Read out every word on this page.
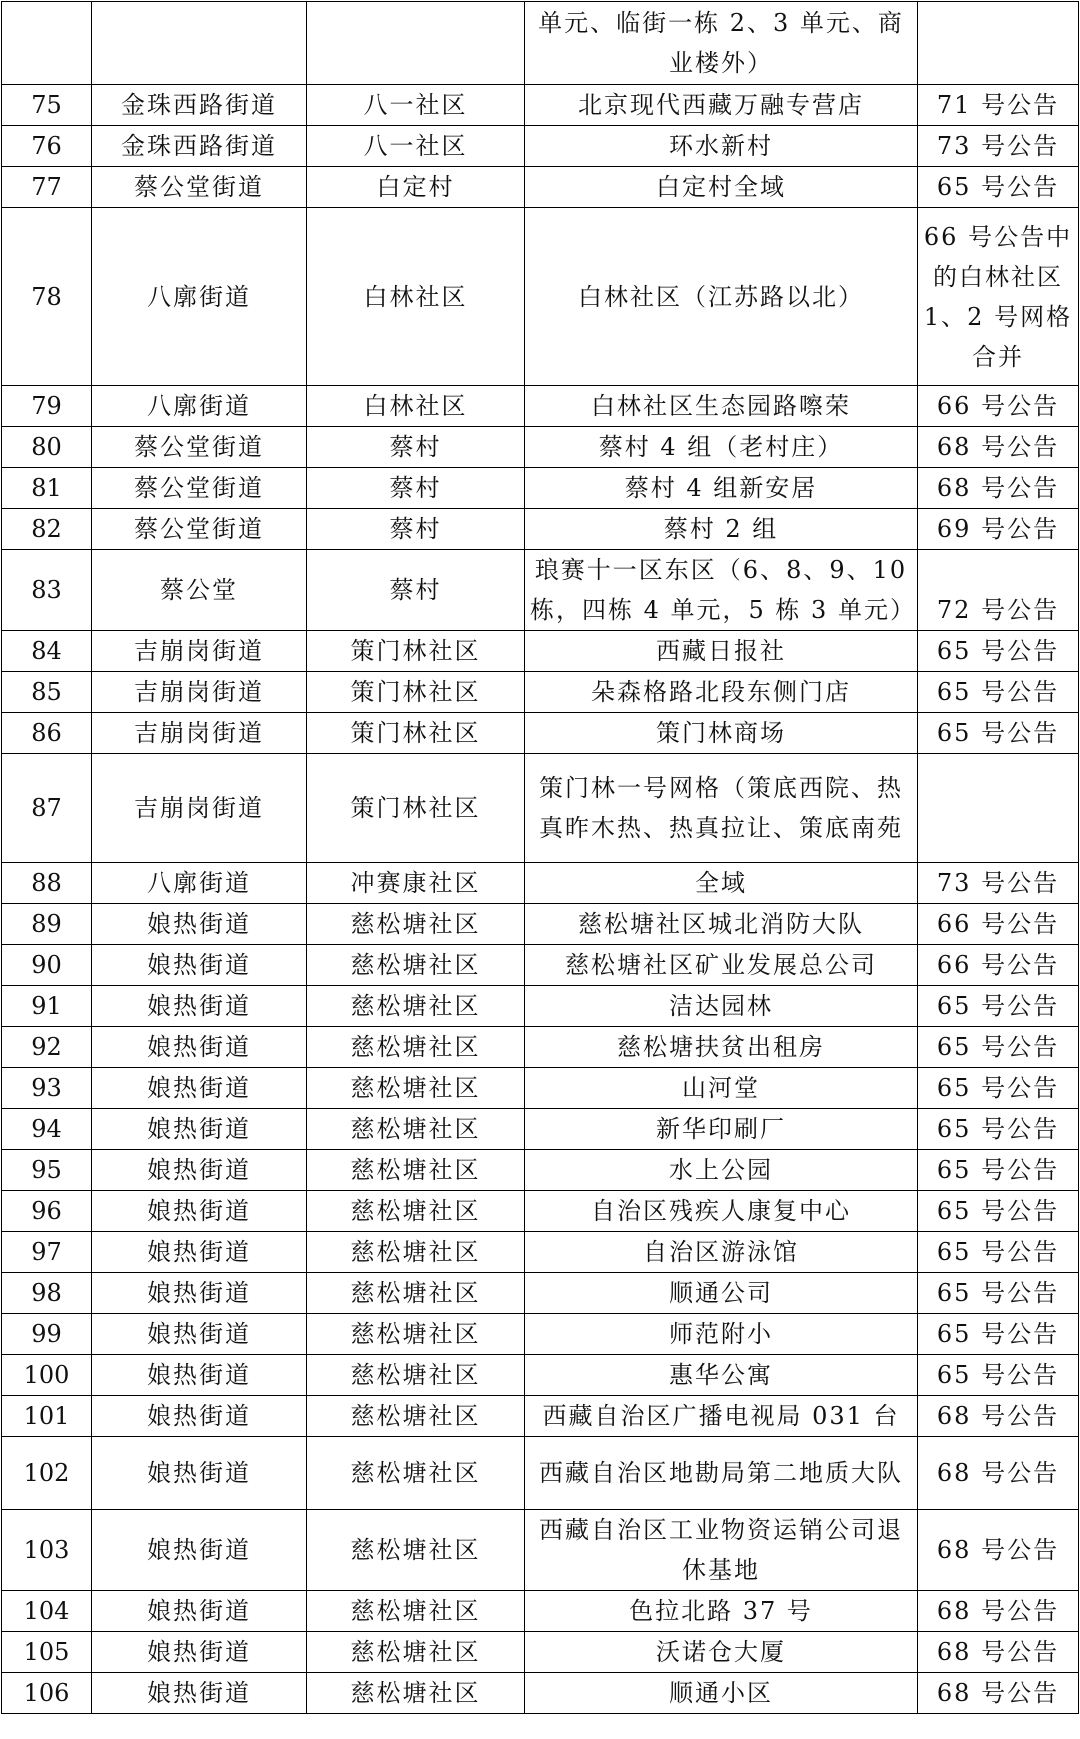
			单元、临街一栋 2、3 单元、商业楼外）	
75	金珠西路街道	八一社区	北京现代西藏万融专营店	71 号公告
76	金珠西路街道	八一社区	环水新村	73 号公告
77	蔡公堂街道	白定村	白定村全域	65 号公告
78	八廓街道	白林社区	白林社区（江苏路以北）	66 号公告中的白林社区 1、2 号网格合并
79	八廓街道	白林社区	白林社区生态园路嚓荣	66 号公告
80	蔡公堂街道	蔡村	蔡村 4 组（老村庄）	68 号公告
81	蔡公堂街道	蔡村	蔡村 4 组新安居	68 号公告
82	蔡公堂街道	蔡村	蔡村 2 组	69 号公告
83	蔡公堂	蔡村	琅赛十一区东区（6、8、9、10 栋，四栋 4 单元，5 栋 3 单元）	72 号公告
84	吉崩岗街道	策门林社区	西藏日报社	65 号公告
85	吉崩岗街道	策门林社区	朵森格路北段东侧门店	65 号公告
86	吉崩岗街道	策门林社区	策门林商场	65 号公告
87	吉崩岗街道	策门林社区	策门林一号网格（策底西院、热真昨木热、热真拉让、策底南苑	
88	八廓街道	冲赛康社区	全域	73 号公告
89	娘热街道	慈松塘社区	慈松塘社区城北消防大队	66 号公告
90	娘热街道	慈松塘社区	慈松塘社区矿业发展总公司	66 号公告
91	娘热街道	慈松塘社区	洁达园林	65 号公告
92	娘热街道	慈松塘社区	慈松塘扶贫出租房	65 号公告
93	娘热街道	慈松塘社区	山河堂	65 号公告
94	娘热街道	慈松塘社区	新华印刷厂	65 号公告
95	娘热街道	慈松塘社区	水上公园	65 号公告
96	娘热街道	慈松塘社区	自治区残疾人康复中心	65 号公告
97	娘热街道	慈松塘社区	自治区游泳馆	65 号公告
98	娘热街道	慈松塘社区	顺通公司	65 号公告
99	娘热街道	慈松塘社区	师范附小	65 号公告
100	娘热街道	慈松塘社区	惠华公寓	65 号公告
101	娘热街道	慈松塘社区	西藏自治区广播电视局 031 台	68 号公告
102	娘热街道	慈松塘社区	西藏自治区地勘局第二地质大队	68 号公告
103	娘热街道	慈松塘社区	西藏自治区工业物资运销公司退休基地	68 号公告
104	娘热街道	慈松塘社区	色拉北路 37 号	68 号公告
105	娘热街道	慈松塘社区	沃诺仓大厦	68 号公告
106	娘热街道	慈松塘社区	顺通小区	68 号公告
